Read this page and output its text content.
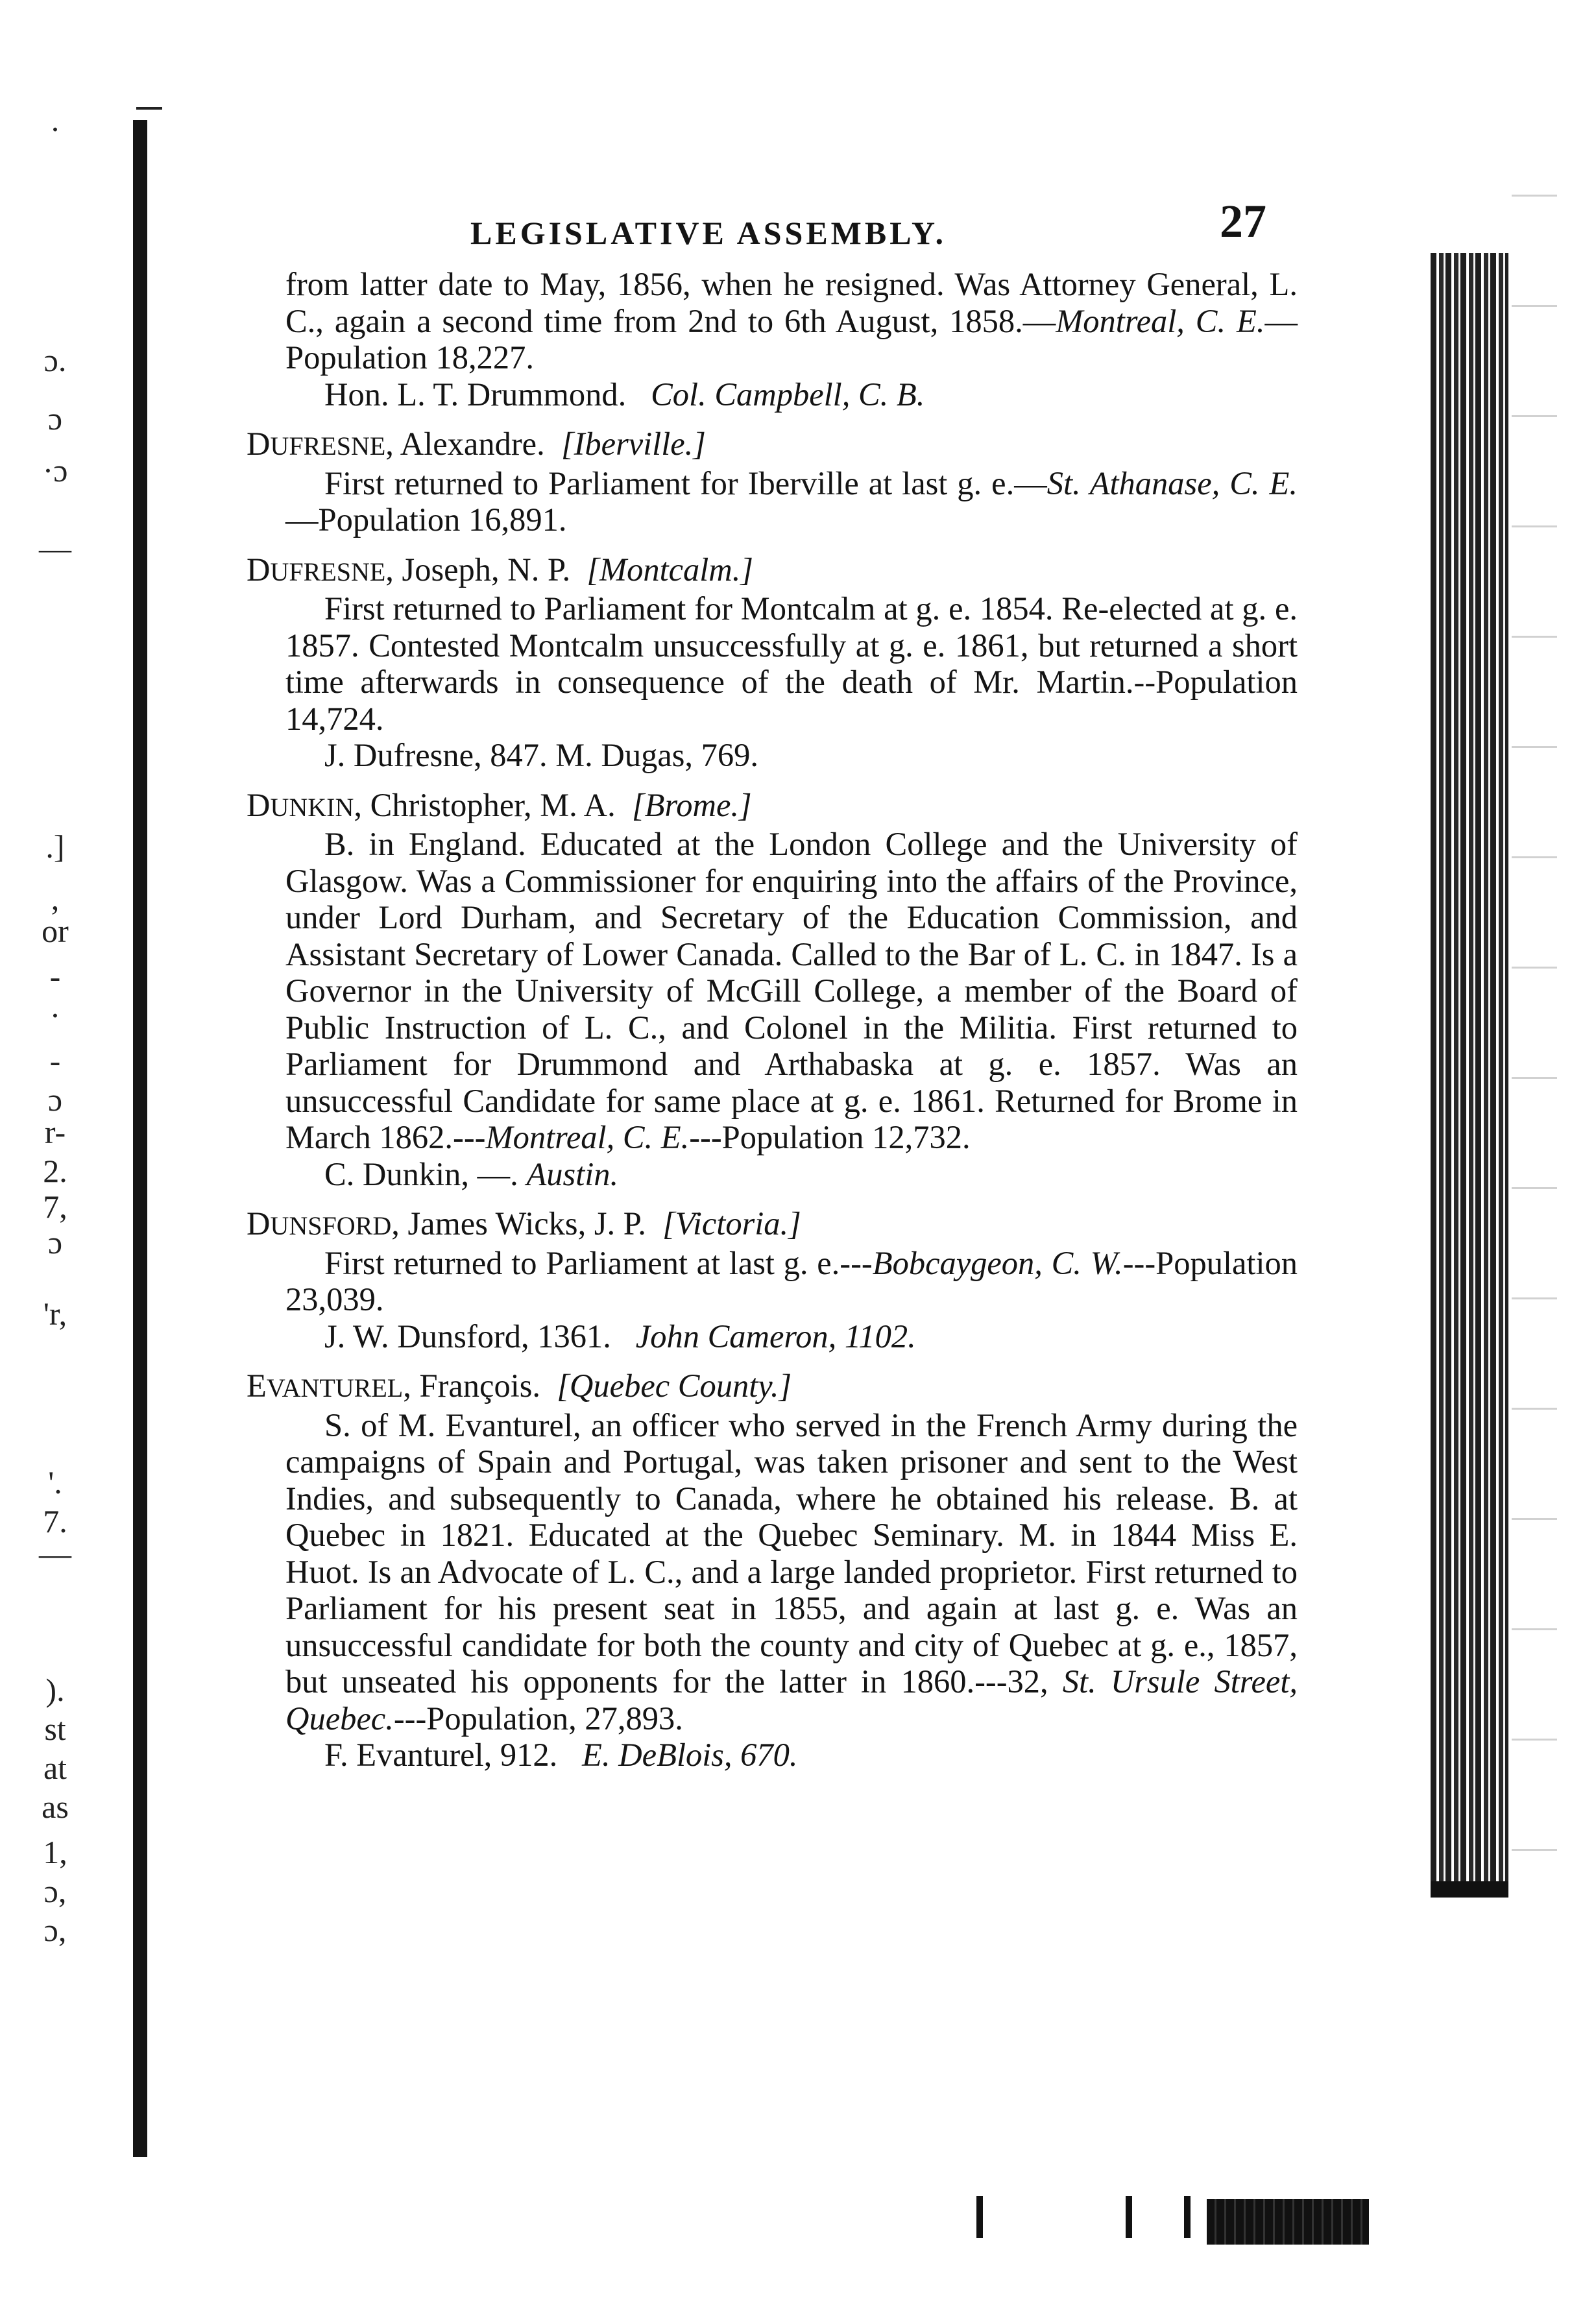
.
ɔ.
ɔ
·ɔ
—
.]
,
or
-
·
-
ɔ
r-
2.
7,
ɔ
'r,
'.
7.
—
).
st
at
as
1,
ɔ,
ɔ,
LEGISLATIVE ASSEMBLY.	27

from latter date to May, 1856, when he resigned. Was Attorney General, L. C., again a second time from 2nd to 6th August, 1858.—Montreal, C. E.—Population 18,227.

Hon. L. T. Drummond. Col. Campbell, C. B.

DUFRESNE, Alexandre. [Iberville.]

First returned to Parliament for Iberville at last g. e.—St. Athanase, C. E.—Population 16,891.

DUFRESNE, Joseph, N. P. [Montcalm.]

First returned to Parliament for Montcalm at g. e. 1854. Re-elected at g. e. 1857. Contested Montcalm unsuccessfully at g. e. 1861, but returned a short time afterwards in consequence of the death of Mr. Martin.--Population 14,724.

J. Dufresne, 847. M. Dugas, 769.

DUNKIN, Christopher, M. A. [Brome.]

B. in England. Educated at the London College and the University of Glasgow. Was a Commissioner for enquiring into the affairs of the Province, under Lord Durham, and Secretary of the Education Commission, and Assistant Secretary of Lower Canada. Called to the Bar of L. C. in 1847. Is a Governor in the University of McGill College, a member of the Board of Public Instruction of L. C., and Colonel in the Militia. First returned to Parliament for Drummond and Arthabaska at g. e. 1857. Was an unsuccessful Candidate for same place at g. e. 1861. Returned for Brome in March 1862.---Montreal, C. E.---Population 12,732.

C. Dunkin, —. Austin.

DUNSFORD, James Wicks, J. P. [Victoria.]

First returned to Parliament at last g. e.---Bobcaygeon, C. W.---Population 23,039.

J. W. Dunsford, 1361. John Cameron, 1102.

EVANTUREL, François. [Quebec County.]

S. of M. Evanturel, an officer who served in the French Army during the campaigns of Spain and Portugal, was taken prisoner and sent to the West Indies, and subsequently to Canada, where he obtained his release. B. at Quebec in 1821. Educated at the Quebec Seminary. M. in 1844 Miss E. Huot. Is an Advocate of L. C., and a large landed proprietor. First returned to Parliament for his present seat in 1855, and again at last g. e. Was an unsuccessful candidate for both the county and city of Quebec at g. e., 1857, but unseated his opponents for the latter in 1860.---32, St. Ursule Street, Quebec.---Population, 27,893.

F. Evanturel, 912. E. DeBlois, 670.
